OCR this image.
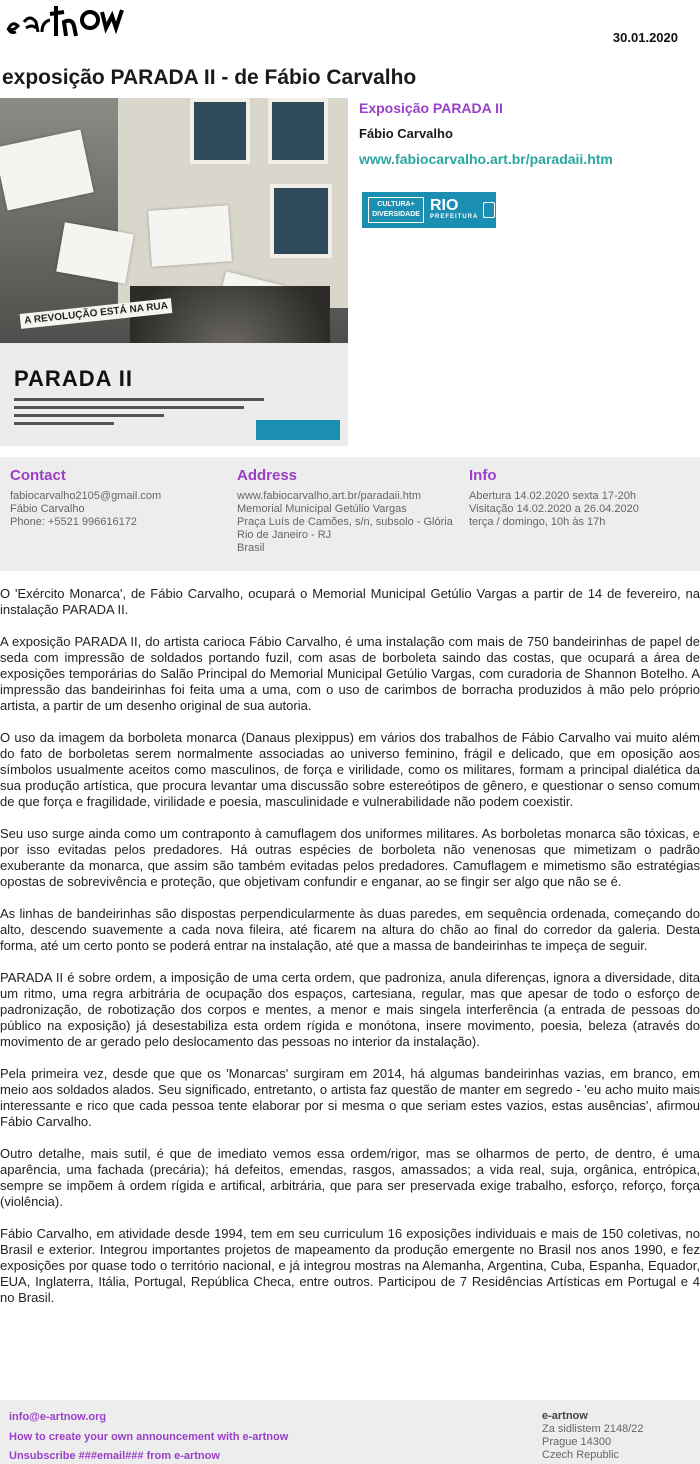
30.01.2020
exposição PARADA II - de Fábio Carvalho
A REVOLUÇÃO ESTÁ NA RUA
PARADA II
Exposição PARADA II
Fábio Carvalho
www.fabiocarvalho.art.br/paradaii.htm
CULTURA+ DIVERSIDADE
RIO
PREFEITURA
Contact
fabiocarvalho2105@gmail.com
Fábio Carvalho
Phone: +5521 996616172
Address
www.fabiocarvalho.art.br/paradaii.htm
Memorial Municipal Getúlio Vargas
Praça Luís de Camões, s/n, subsolo - Glória
Rio de Janeiro - RJ
Brasil
Info
Abertura 14.02.2020 sexta 17-20h
Visitação 14.02.2020 a 26.04.2020
terça / domingo, 10h às 17h

O 'Exército Monarca', de Fábio Carvalho, ocupará o Memorial Municipal Getúlio Vargas a partir de 14 de fevereiro, na instalação PARADA II.

A exposição PARADA II, do artista carioca Fábio Carvalho, é uma instalação com mais de 750 bandeirinhas de papel de seda com impressão de soldados portando fuzil, com asas de borboleta saindo das costas, que ocupará a área de exposições temporárias do Salão Principal do Memorial Municipal Getúlio Vargas, com curadoria de Shannon Botelho. A impressão das bandeirinhas foi feita uma a uma, com o uso de carimbos de borracha produzidos à mão pelo próprio artista, a partir de um desenho original de sua autoria.

O uso da imagem da borboleta monarca (Danaus plexippus) em vários dos trabalhos de Fábio Carvalho vai muito além do fato de borboletas serem normalmente associadas ao universo feminino, frágil e delicado, que em oposição aos símbolos usualmente aceitos como masculinos, de força e virilidade, como os militares, formam a principal dialética da sua produção artística, que procura levantar uma discussão sobre estereótipos de gênero, e questionar o senso comum de que força e fragilidade, virilidade e poesia, masculinidade e vulnerabilidade não podem coexistir.

Seu uso surge ainda como um contraponto à camuflagem dos uniformes militares. As borboletas monarca são tóxicas, e por isso evitadas pelos predadores. Há outras espécies de borboleta não venenosas que mimetizam o padrão exuberante da monarca, que assim são também evitadas pelos predadores. Camuflagem e mimetismo são estratégias opostas de sobrevivência e proteção, que objetivam confundir e enganar, ao se fingir ser algo que não se é.

As linhas de bandeirinhas são dispostas perpendicularmente às duas paredes, em sequência ordenada, começando do alto, descendo suavemente a cada nova fileira, até ficarem na altura do chão ao final do corredor da galeria. Desta forma, até um certo ponto se poderá entrar na instalação, até que a massa de bandeirinhas te impeça de seguir.

PARADA II é sobre ordem, a imposição de uma certa ordem, que padroniza, anula diferenças, ignora a diversidade, dita um ritmo, uma regra arbitrária de ocupação dos espaços, cartesiana, regular, mas que apesar de todo o esforço de padronização, de robotização dos corpos e mentes, a menor e mais singela interferência (a entrada de pessoas do público na exposição) já desestabiliza esta ordem rígida e monótona, insere movimento, poesia, beleza (através do movimento de ar gerado pelo deslocamento das pessoas no interior da instalação).

Pela primeira vez, desde que que os 'Monarcas' surgiram em 2014, há algumas bandeirinhas vazias, em branco, em meio aos soldados alados. Seu significado, entretanto, o artista faz questão de manter em segredo - 'eu acho muito mais interessante e rico que cada pessoa tente elaborar por si mesma o que seriam estes vazios, estas ausências', afirmou Fábio Carvalho.

Outro detalhe, mais sutil, é que de imediato vemos essa ordem/rigor, mas se olharmos de perto, de dentro, é uma aparência, uma fachada (precária); há defeitos, emendas, rasgos, amassados; a vida real, suja, orgânica, entrópica, sempre se impõem à ordem rígida e artifical, arbitrária, que para ser preservada exige trabalho, esforço, reforço, força (violência).

Fábio Carvalho, em atividade desde 1994, tem em seu curriculum 16 exposições individuais e mais de 150 coletivas, no Brasil e exterior. Integrou importantes projetos de mapeamento da produção emergente no Brasil nos anos 1990, e fez exposições por quase todo o território nacional, e já integrou mostras na Alemanha, Argentina, Cuba, Espanha, Equador, EUA, Inglaterra, Itália, Portugal, República Checa, entre outros. Participou de 7 Residências Artísticas em Portugal e 4 no Brasil.

info@e-artnow.org
How to create your own announcement with e-artnow
Unsubscribe ###email### from e-artnow
e-artnow
Za sidlistem 2148/22
Prague 14300
Czech Republic
